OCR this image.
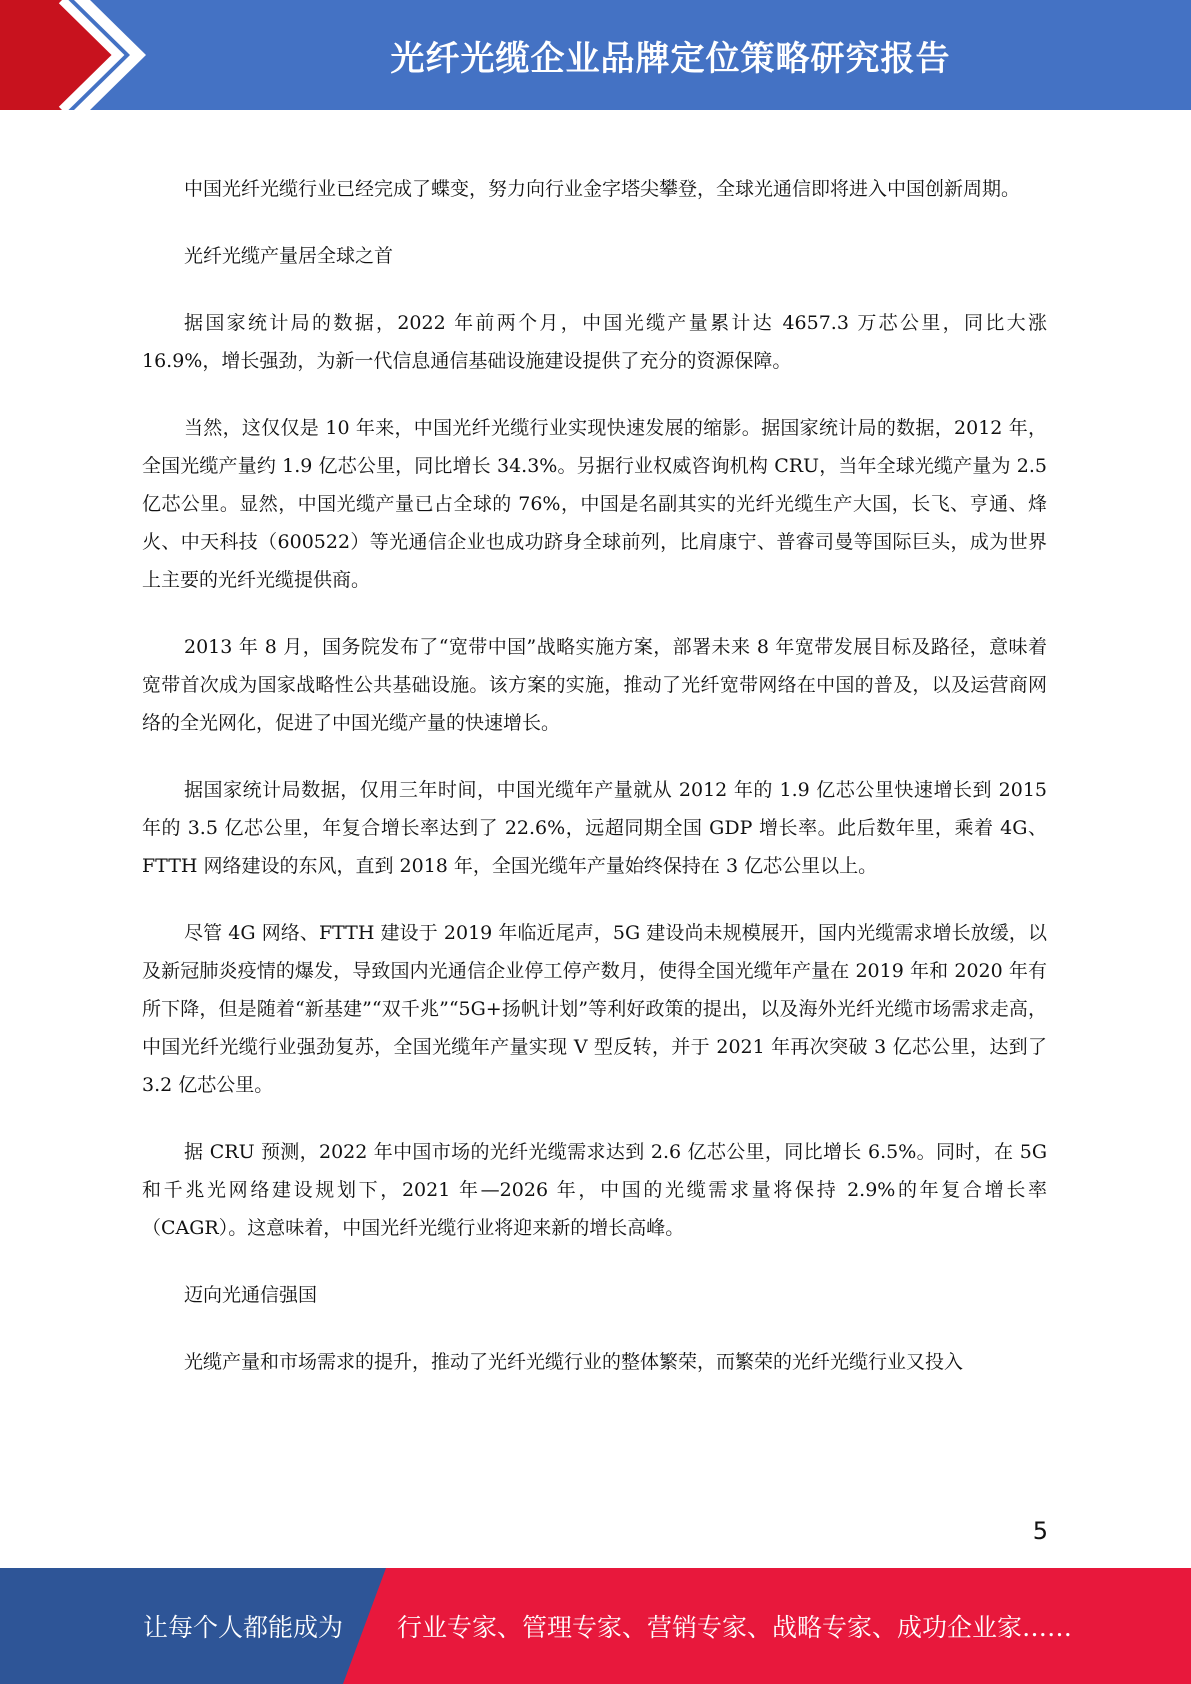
光纤光缆企业品牌定位策略研究报告

中国光纤光缆行业已经完成了蝶变，努力向行业金字塔尖攀登，全球光通信即将进入中国创新周期。

光纤光缆产量居全球之首

据国家统计局的数据，2022 年前两个月，中国光缆产量累计达 4657.3 万芯公里，同比大涨 16.9%，增长强劲，为新一代信息通信基础设施建设提供了充分的资源保障。

当然，这仅仅是 10 年来，中国光纤光缆行业实现快速发展的缩影。据国家统计局的数据，2012 年，全国光缆产量约 1.9 亿芯公里，同比增长 34.3%。另据行业权威咨询机构 CRU，当年全球光缆产量为 2.5 亿芯公里。显然，中国光缆产量已占全球的 76%，中国是名副其实的光纤光缆生产大国，长飞、亨通、烽火、中天科技（600522）等光通信企业也成功跻身全球前列，比肩康宁、普睿司曼等国际巨头，成为世界上主要的光纤光缆提供商。

2013 年 8 月，国务院发布了“宽带中国”战略实施方案，部署未来 8 年宽带发展目标及路径，意味着宽带首次成为国家战略性公共基础设施。该方案的实施，推动了光纤宽带网络在中国的普及，以及运营商网络的全光网化，促进了中国光缆产量的快速增长。

据国家统计局数据，仅用三年时间，中国光缆年产量就从 2012 年的 1.9 亿芯公里快速增长到 2015 年的 3.5 亿芯公里，年复合增长率达到了 22.6%，远超同期全国 GDP 增长率。此后数年里，乘着 4G、FTTH 网络建设的东风，直到 2018 年，全国光缆年产量始终保持在 3 亿芯公里以上。

尽管 4G 网络、FTTH 建设于 2019 年临近尾声，5G 建设尚未规模展开，国内光缆需求增长放缓，以及新冠肺炎疫情的爆发，导致国内光通信企业停工停产数月，使得全国光缆年产量在 2019 年和 2020 年有所下降，但是随着“新基建”“双千兆”“5G+扬帆计划”等利好政策的提出，以及海外光纤光缆市场需求走高，中国光纤光缆行业强劲复苏，全国光缆年产量实现 V 型反转，并于 2021 年再次突破 3 亿芯公里，达到了 3.2 亿芯公里。

据 CRU 预测，2022 年中国市场的光纤光缆需求达到 2.6 亿芯公里，同比增长 6.5%。同时，在 5G 和千兆光网络建设规划下，2021 年—2026 年，中国的光缆需求量将保持 2.9%的年复合增长率（CAGR）。这意味着，中国光纤光缆行业将迎来新的增长高峰。

迈向光通信强国

光缆产量和市场需求的提升，推动了光纤光缆行业的整体繁荣，而繁荣的光纤光缆行业又投入

5
让每个人都能成为 行业专家、管理专家、营销专家、战略专家、成功企业家……
